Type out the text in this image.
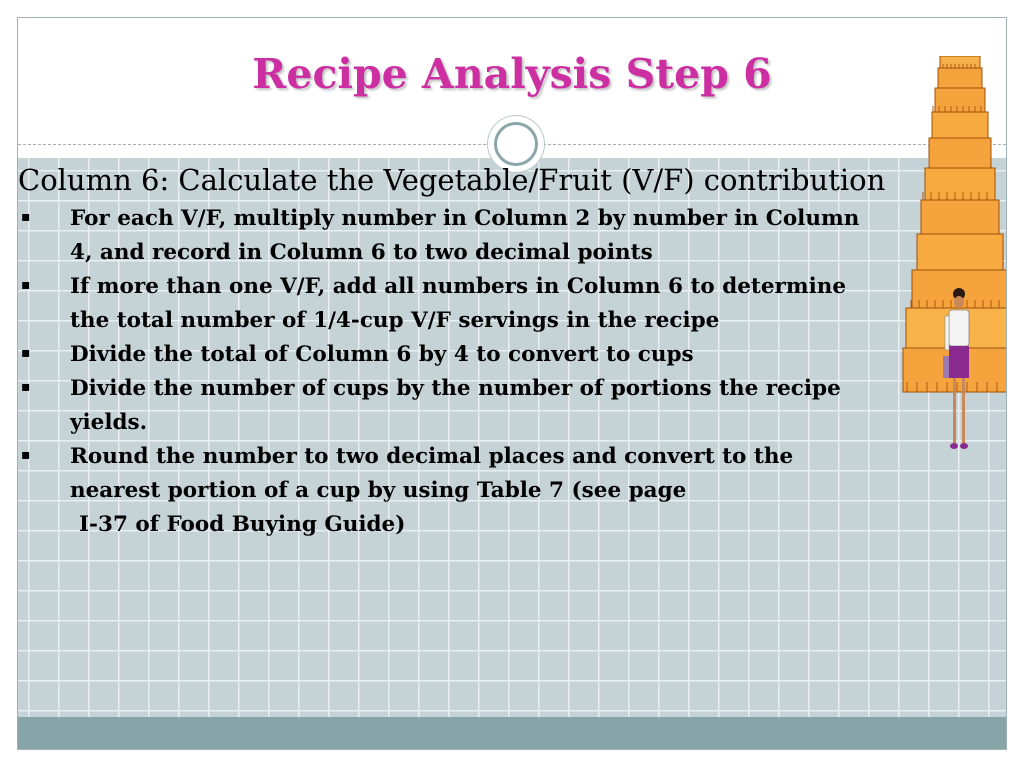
Recipe Analysis Step 6

Column 6: Calculate the Vegetable/Fruit (V/F) contribution

▪ For each V/F, multiply number in Column 2 by number in Column 4, and record in Column 6 to two decimal points
▪ If more than one V/F, add all numbers in Column 6 to determine the total number of 1/4-cup V/F servings in the recipe
▪ Divide the total of Column 6 by 4 to convert to cups
▪ Divide the number of cups by the number of portions the recipe yields.
▪ Round the number to two decimal places and convert to the nearest portion of a cup by using Table 7 (see page

I-37 of Food Buying Guide)
